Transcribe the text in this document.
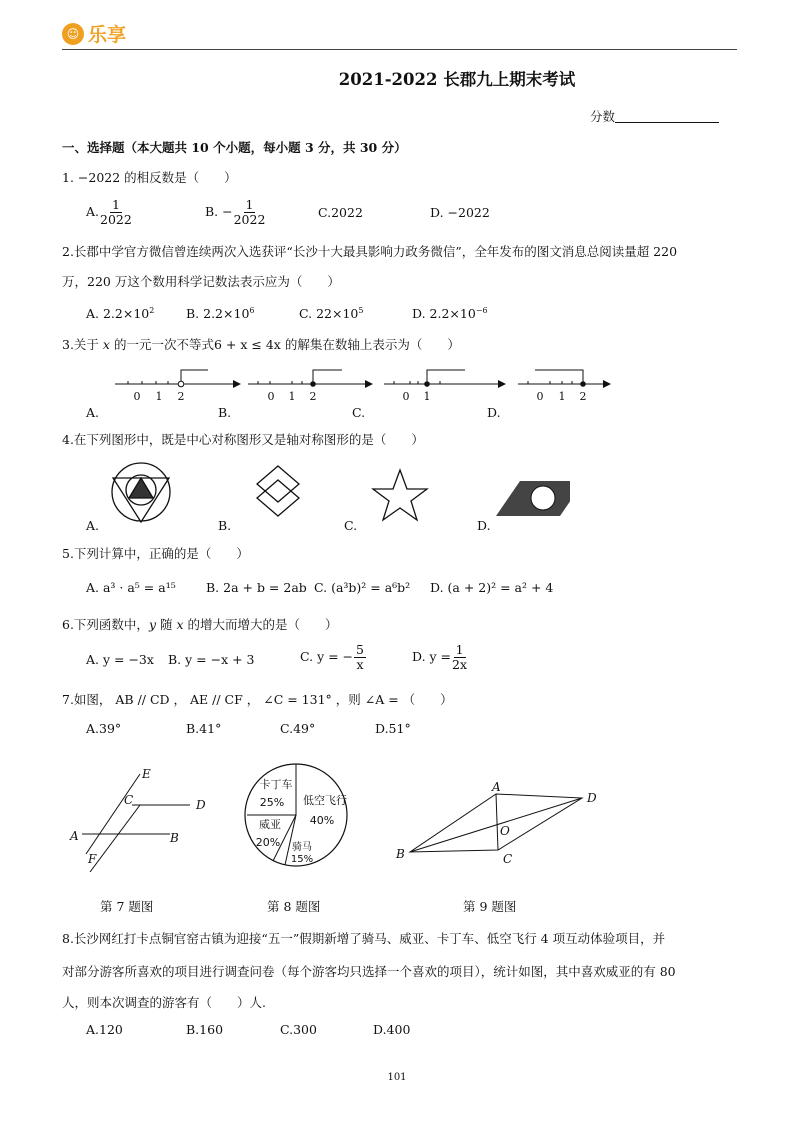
☺ 乐享
2021-2022 长郡九上期末考试
分数
一、选择题（本大题共 10 个小题，每小题 3 分，共 30 分）
1. −2022 的相反数是（　　）
A. $\frac{1}{2022}$	B. − $\frac{1}{2022}$	C.2022	D. −2022
2.长郡中学官方微信曾连续两次入选获评“长沙十大最具影响力政务微信”，全年发布的图文消息总阅读量超 220
万，220 万这个数用科学记数法表示应为（　　）
A. $2.2\times 10^2$	B. $2.2\times 10^6$	C. $22\times 10^5$	D. $2.2\times 10^{-6}$
3.关于 x 的一元一次不等式6 + x ≤ 4x 的解集在数轴上表示为（　　）
0 1 2	0 1 2	0 1	0 1 2
A.	B.	C.	D.
4.在下列图形中，既是中心对称图形又是轴对称图形的是（　　）
A.	B.	C.	D.
5.下列计算中，正确的是（　　）
A. a³ · a⁵ = a¹⁵ B. 2a + b = 2ab C. (a³b)² = a⁶b² D. (a + 2)² = a² + 4
6.下列函数中，y 随 x 的增大而增大的是（　　）
A. y = −3x B. y = −x + 3	C. y = − $\frac{5}{x}$	D. $y = \frac{1}{2x}$
7.如图， AB // CD ， AE // CF ， ∠C = 131° ，则 ∠A = （　　）
A.39°	B.41°	C.49°	D.51°
E
C	D
A	B
F
卡丁车
25% 低空飞行
40%
威亚
20% 骑马
15%
A
D
O
B	C
第 7 题图	第 8 题图	第 9 题图
8.长沙网红打卡点铜官窑古镇为迎接“五一”假期新增了骑马、威亚、卡丁车、低空飞行 4 项互动体验项目，并
对部分游客所喜欢的项目进行调查问卷（每个游客均只选择一个喜欢的项目），统计如图，其中喜欢威亚的有 80
人，则本次调查的游客有（　　）人.
A.120	B.160	C.300	D.400
101
